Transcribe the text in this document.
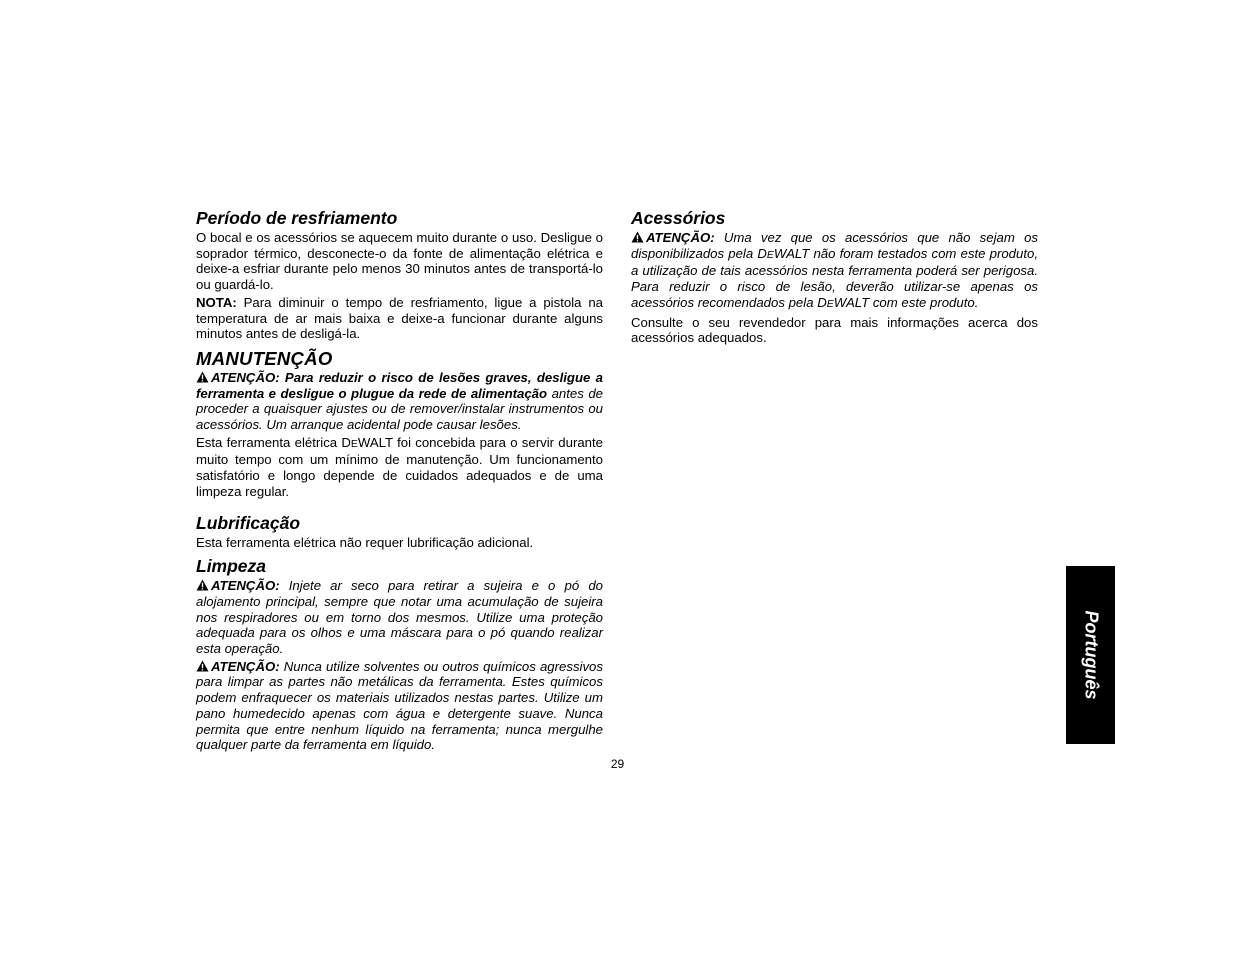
Período de resfriamento

O bocal e os acessórios se aquecem muito durante o uso. Desligue o soprador térmico, desconecte-o da fonte de alimentação elétrica e deixe-a esfriar durante pelo menos 30 minutos antes de transportá-lo ou guardá-lo.

NOTA: Para diminuir o tempo de resfriamento, ligue a pistola na temperatura de ar mais baixa e deixe-a funcionar durante alguns minutos antes de desligá-la.

MANUTENÇÃO

ATENÇÃO: Para reduzir o risco de lesões graves, desligue a ferramenta e desligue o plugue da rede de alimentação antes de proceder a quaisquer ajustes ou de remover/instalar instrumentos ou acessórios. Um arranque acidental pode causar lesões.

Esta ferramenta elétrica DEWALT foi concebida para o servir durante muito tempo com um mínimo de manutenção. Um funcionamento satisfatório e longo depende de cuidados adequados e de uma limpeza regular.

Lubrificação

Esta ferramenta elétrica não requer lubrificação adicional.

Limpeza

ATENÇÃO: Injete ar seco para retirar a sujeira e o pó do alojamento principal, sempre que notar uma acumulação de sujeira nos respiradores ou em torno dos mesmos. Utilize uma proteção adequada para os olhos e uma máscara para o pó quando realizar esta operação.

ATENÇÃO: Nunca utilize solventes ou outros químicos agressivos para limpar as partes não metálicas da ferramenta. Estes químicos podem enfraquecer os materiais utilizados nestas partes. Utilize um pano humedecido apenas com água e detergente suave. Nunca permita que entre nenhum líquido na ferramenta; nunca mergulhe qualquer parte da ferramenta em líquido.

Acessórios

ATENÇÃO: Uma vez que os acessórios que não sejam os disponibilizados pela DEWALT não foram testados com este produto, a utilização de tais acessórios nesta ferramenta poderá ser perigosa. Para reduzir o risco de lesão, deverão utilizar-se apenas os acessórios recomendados pela DEWALT com este produto.

Consulte o seu revendedor para mais informações acerca dos acessórios adequados.

Português
29
